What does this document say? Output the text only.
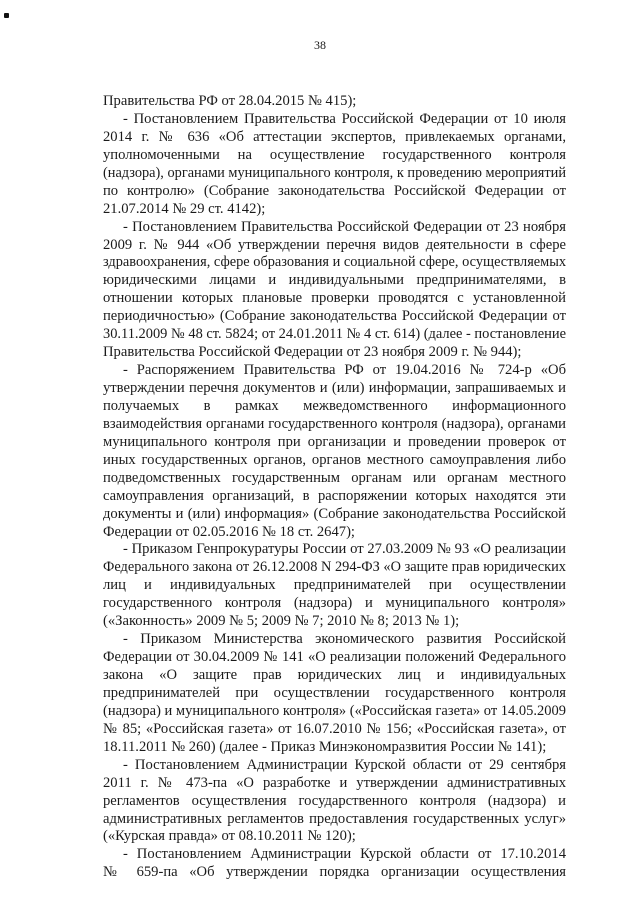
38
Правительства РФ от 28.04.2015 № 415);
- Постановлением Правительства Российской Федерации от 10 июля
2014 г. № 636 «Об аттестации экспертов, привлекаемых органами,
уполномоченными на осуществление государственного контроля
(надзора), органами муниципального контроля, к проведению мероприятий
по контролю» (Собрание законодательства Российской Федерации от
21.07.2014 № 29 ст. 4142);
- Постановлением Правительства Российской Федерации от 23 ноября
2009 г. № 944 «Об утверждении перечня видов деятельности в сфере
здравоохранения, сфере образования и социальной сфере, осуществляемых
юридическими лицами и индивидуальными предпринимателями, в
отношении которых плановые проверки проводятся с установленной
периодичностью» (Собрание законодательства Российской Федерации от
30.11.2009 № 48 ст. 5824; от 24.01.2011 № 4 ст. 614) (далее - постановление
Правительства Российской Федерации от 23 ноября 2009 г. № 944);
- Распоряжением Правительства РФ от 19.04.2016 № 724-р «Об
утверждении перечня документов и (или) информации, запрашиваемых и
получаемых в рамках межведомственного информационного
взаимодействия органами государственного контроля (надзора), органами
муниципального контроля при организации и проведении проверок от
иных государственных органов, органов местного самоуправления либо
подведомственных государственным органам или органам местного
самоуправления организаций, в распоряжении которых находятся эти
документы и (или) информация» (Собрание законодательства Российской
Федерации от 02.05.2016 № 18 ст. 2647);
- Приказом Генпрокуратуры России от 27.03.2009 № 93 «О реализации
Федерального закона от 26.12.2008 N 294-ФЗ «О защите прав юридических
лиц и индивидуальных предпринимателей при осуществлении
государственного контроля (надзора) и муниципального контроля»
(«Законность» 2009 № 5; 2009 № 7; 2010 № 8; 2013 № 1);
- Приказом Министерства экономического развития Российской
Федерации от 30.04.2009 № 141 «О реализации положений Федерального
закона «О защите прав юридических лиц и индивидуальных
предпринимателей при осуществлении государственного контроля
(надзора) и муниципального контроля» («Российская газета» от 14.05.2009
№ 85; «Российская газета» от 16.07.2010 № 156; «Российская газета», от
18.11.2011 № 260) (далее - Приказ Минэкономразвития России № 141);
- Постановлением Администрации Курской области от 29 сентября
2011 г. № 473-па «О разработке и утверждении административных
регламентов осуществления государственного контроля (надзора) и
административных регламентов предоставления государственных услуг»
(«Курская правда» от 08.10.2011 № 120);
- Постановлением Администрации Курской области от 17.10.2014
№ 659-па «Об утверждении порядка организации осуществления
